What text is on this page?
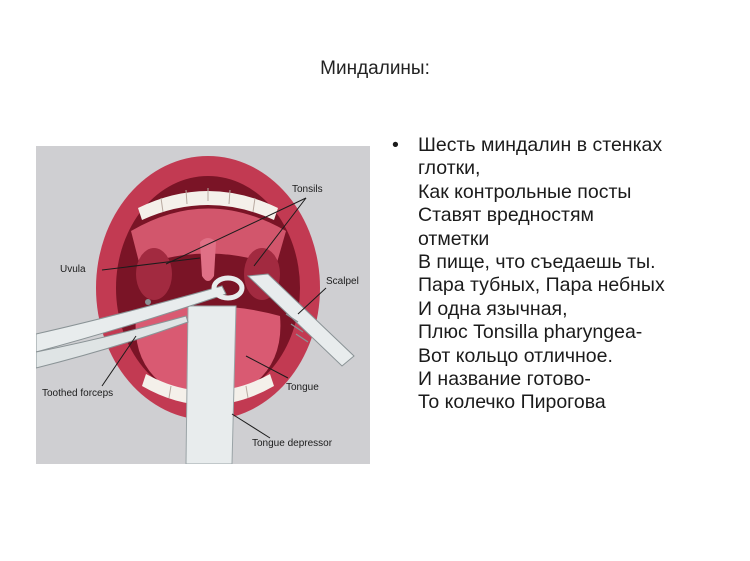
Миндалины:
Tonsils
Uvula
Scalpel
Toothed forceps
Tongue
Tongue depressor
• Шесть миндалин в стенках
глотки,
Как контрольные посты
Ставят вредностям
отметки
В пище, что съедаешь ты.
Пара тубных, Пара небных
И одна язычная,
Плюс Tonsilla pharyngea-
Вот кольцо отличное.
И название готово-
То колечко Пирогова
